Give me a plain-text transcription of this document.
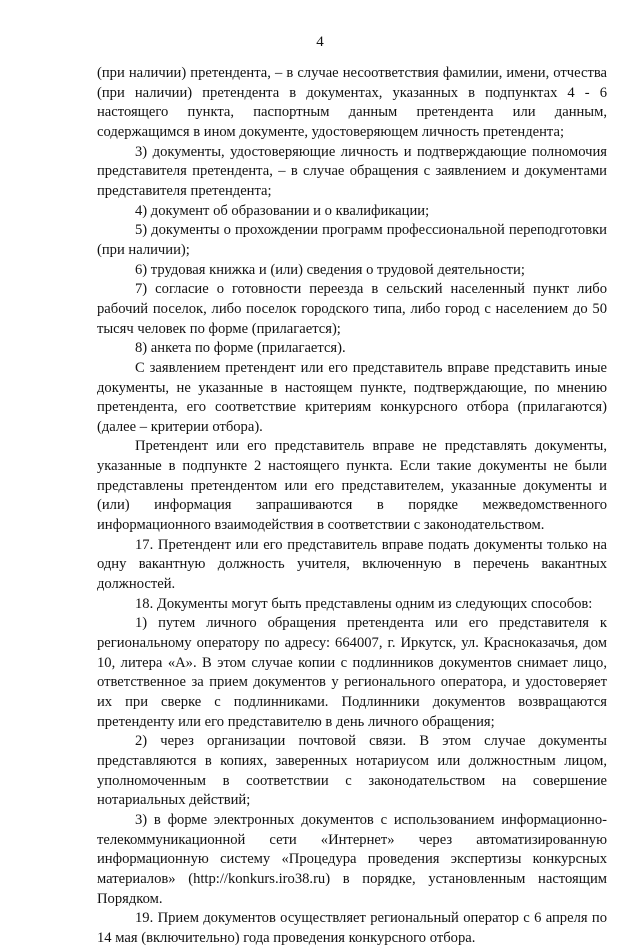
4

(при наличии) претендента, – в случае несоответствия фамилии, имени, отчества (при наличии) претендента в документах, указанных в подпунктах 4 - 6 настоящего пункта, паспортным данным претендента или данным, содержащимся в ином документе, удостоверяющем личность претендента;

3) документы, удостоверяющие личность и подтверждающие полномочия представителя претендента, – в случае обращения с заявлением и документами представителя претендента;

4) документ об образовании и о квалификации;

5) документы о прохождении программ профессиональной переподготовки (при наличии);

6) трудовая книжка и (или) сведения о трудовой деятельности;

7) согласие о готовности переезда в сельский населенный пункт либо рабочий поселок, либо поселок городского типа, либо город с населением до 50 тысяч человек по форме (прилагается);

8) анкета по форме (прилагается).

С заявлением претендент или его представитель вправе представить иные документы, не указанные в настоящем пункте, подтверждающие, по мнению претендента, его соответствие критериям конкурсного отбора (прилагаются) (далее – критерии отбора).

Претендент или его представитель вправе не представлять документы, указанные в подпункте 2 настоящего пункта. Если такие документы не были представлены претендентом или его представителем, указанные документы и (или) информация запрашиваются в порядке межведомственного информационного взаимодействия в соответствии с законодательством.

17. Претендент или его представитель вправе подать документы только на одну вакантную должность учителя, включенную в перечень вакантных должностей.

18. Документы могут быть представлены одним из следующих способов:

1) путем личного обращения претендента или его представителя к региональному оператору по адресу: 664007, г. Иркутск, ул. Красноказачья, дом 10, литера «А». В этом случае копии с подлинников документов снимает лицо, ответственное за прием документов у регионального оператора, и удостоверяет их при сверке с подлинниками. Подлинники документов возвращаются претенденту или его представителю в день личного обращения;

2) через организации почтовой связи. В этом случае документы представляются в копиях, заверенных нотариусом или должностным лицом, уполномоченным в соответствии с законодательством на совершение нотариальных действий;

3) в форме электронных документов с использованием информационно-телекоммуникационной сети «Интернет» через автоматизированную информационную систему «Процедура проведения экспертизы конкурсных материалов» (http://konkurs.iro38.ru) в порядке, установленным настоящим Порядком.

19. Прием документов осуществляет региональный оператор с 6 апреля по 14 мая (включительно) года проведения конкурсного отбора.
